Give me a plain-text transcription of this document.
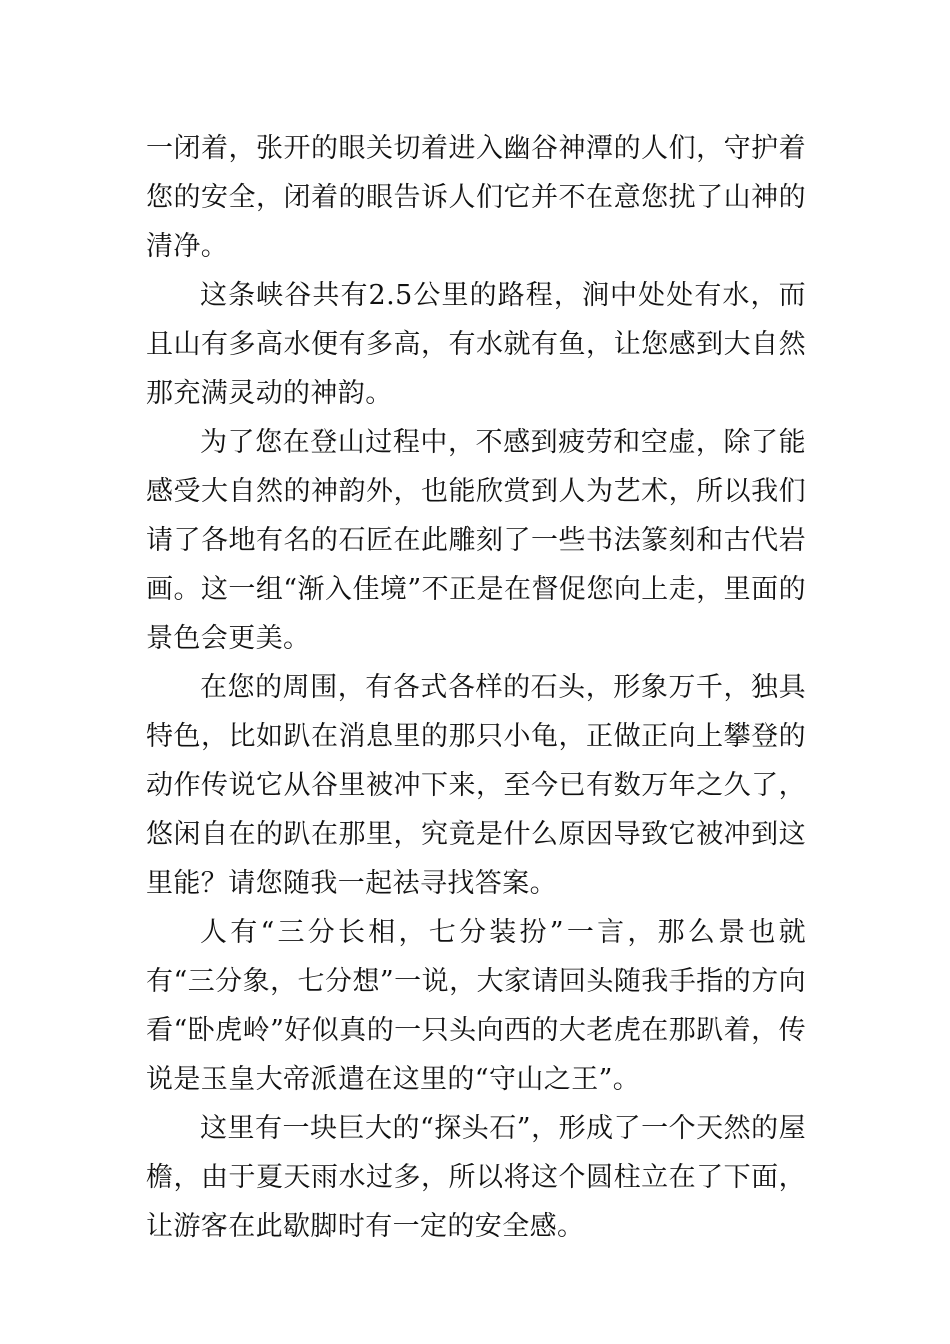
一闭着，张开的眼关切着进入幽谷神潭的人们，守护着您的安全，闭着的眼告诉人们它并不在意您扰了山神的清净。

这条峡谷共有2.5公里的路程，涧中处处有水，而且山有多高水便有多高，有水就有鱼，让您感到大自然那充满灵动的神韵。

为了您在登山过程中，不感到疲劳和空虚，除了能感受大自然的神韵外，也能欣赏到人为艺术，所以我们请了各地有名的石匠在此雕刻了一些书法篆刻和古代岩画。这一组“渐入佳境”不正是在督促您向上走，里面的景色会更美。

在您的周围，有各式各样的石头，形象万千，独具特色，比如趴在消息里的那只小龟，正做正向上攀登的动作传说它从谷里被冲下来，至今已有数万年之久了，悠闲自在的趴在那里，究竟是什么原因导致它被冲到这里能？请您随我一起祛寻找答案。

人有“三分长相，七分装扮”一言，那么景也就有“三分象，七分想”一说，大家请回头随我手指的方向看“卧虎岭”好似真的一只头向西的大老虎在那趴着，传说是玉皇大帝派遣在这里的“守山之王”。

这里有一块巨大的“探头石”，形成了一个天然的屋檐，由于夏天雨水过多，所以将这个圆柱立在了下面，让游客在此歇脚时有一定的安全感。
